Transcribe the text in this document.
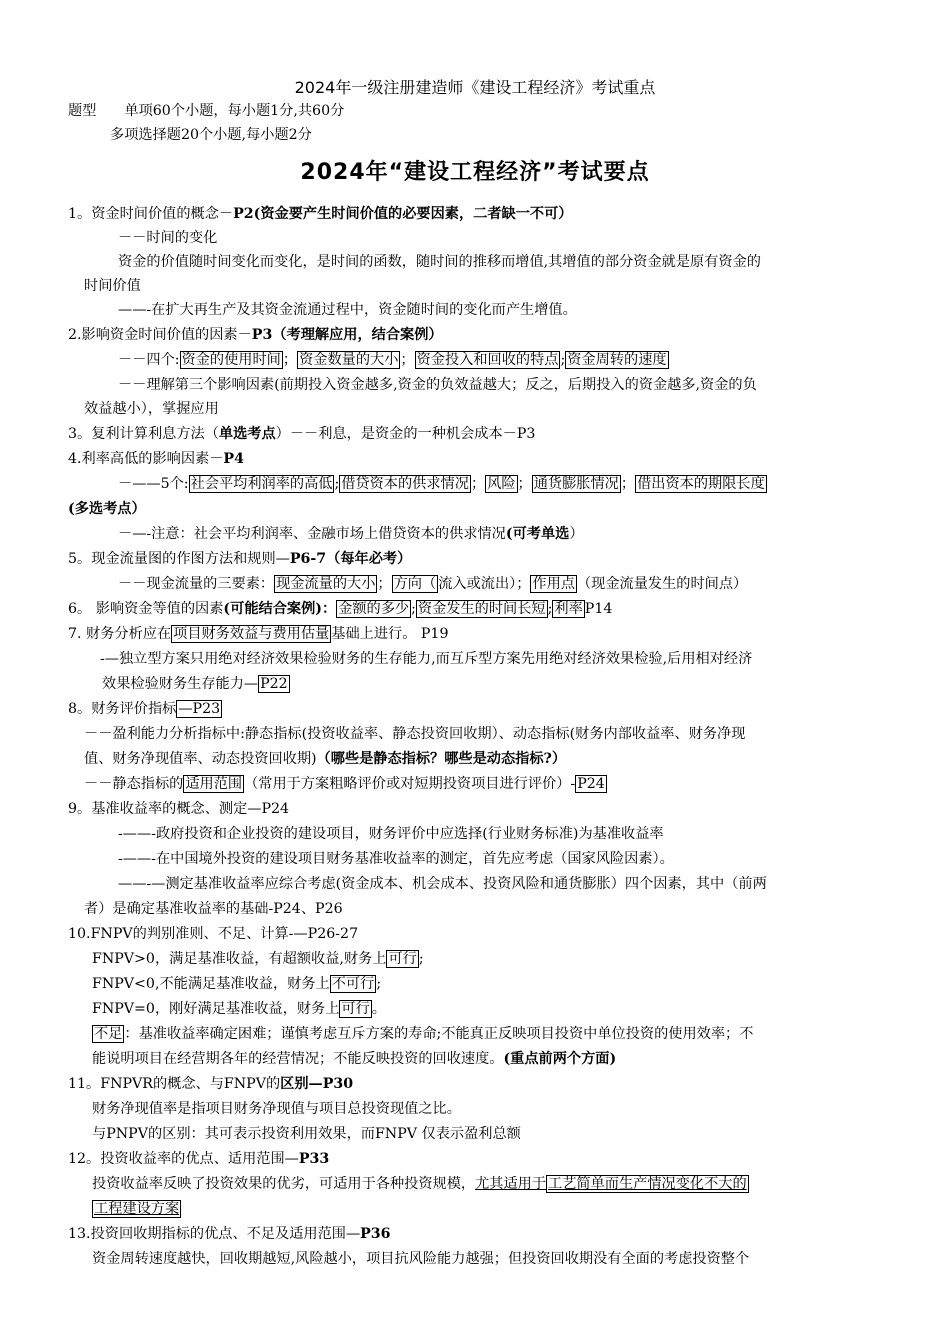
2024年一级注册建造师《建设工程经济》考试重点
题型 单项60个小题，每小题1分,共60分
多项选择题20个小题,每小题2分
2024年“建设工程经济”考试要点
1。资金时间价值的概念－P2(资金要产生时间价值的必要因素，二者缺一不可）
－－时间的变化
资金的价值随时间变化而变化，是时间的函数，随时间的推移而增值,其增值的部分资金就是原有资金的
时间价值
——-在扩大再生产及其资金流通过程中，资金随时间的变化而产生增值。
2.影响资金时间价值的因素－P3（考理解应用，结合案例）
－－四个: 资金的使用时间 ； 资金数量的大小 ； 资金投入和回收的特点 ; 资金周转的速度
－－理解第三个影响因素(前期投入资金越多,资金的负效益越大；反之，后期投入的资金越多,资金的负
效益越小），掌握应用
3。复利计算利息方法（单选考点）－－利息，是资金的一种机会成本－P3
4.利率高低的影响因素－P4
－——5个: 社会平均利润率的高低 ; 借贷资本的供求情况 ； 风险 ； 通货膨胀情况 ； 借出资本的期限长度
(多选考点）
－—-注意：社会平均利润率、金融市场上借贷资本的供求情况(可考单选）
5。现金流量图的作图方法和规则—P6-7（每年必考）
－－现金流量的三要素： 现金流量的大小 ； 方向（ 流入或流出）； 作用点 （现金流量发生的时间点）
6。 影响资金等值的因素(可能结合案例)： 金额的多少 ; 资金发生的时间长短 ; 利率 P14
7. 财务分析应在 项目财务效益与费用估量 基础上进行。 P19
-—独立型方案只用绝对经济效果检验财务的生存能力,而互斥型方案先用绝对经济效果检验,后用相对经济
效果检验财务生存能力— P22
8。财务评价指标 —P23
－－盈利能力分析指标中:静态指标(投资收益率、静态投资回收期）、动态指标(财务内部收益率、财务净现
值、财务净现值率、动态投资回收期)（哪些是静态指标？哪些是动态指标?）
－－静态指标的 适用范围 （常用于方案粗略评价或对短期投资项目进行评价）- P24
9。基准收益率的概念、测定—P24
-——-政府投资和企业投资的建设项目，财务评价中应选择(行业财务标准)为基准收益率
-——-在中国境外投资的建设项目财务基准收益率的测定，首先应考虑（国家风险因素）。
——-—测定基准收益率应综合考虑(资金成本、机会成本、投资风险和通货膨胀）四个因素，其中（前两
者）是确定基准收益率的基础-P24、P26
10.FNPV的判别准则、不足、计算-—P26-27
FNPV>0，满足基准收益，有超额收益,财务上 可行 ;
FNPV<0,不能满足基准收益，财务上 不可行 ;
FNPV=0，刚好满足基准收益，财务上 可行 。
不足 ：基准收益率确定困难；谨慎考虑互斥方案的寿命;不能真正反映项目投资中单位投资的使用效率；不
能说明项目在经营期各年的经营情况；不能反映投资的回收速度。(重点前两个方面)
11。FNPVR的概念、与FNPV的区别—P30
财务净现值率是指项目财务净现值与项目总投资现值之比。
与PNPV的区别：其可表示投资利用效果，而FNPV 仅表示盈利总额
12。投资收益率的优点、适用范围—P33
投资收益率反映了投资效果的优劣，可适用于各种投资规模，尤其适用于 工艺简单而生产情况变化不大的
工程建设方案
13.投资回收期指标的优点、不足及适用范围—P36
资金周转速度越快，回收期越短,风险越小，项目抗风险能力越强；但投资回收期没有全面的考虑投资整个
